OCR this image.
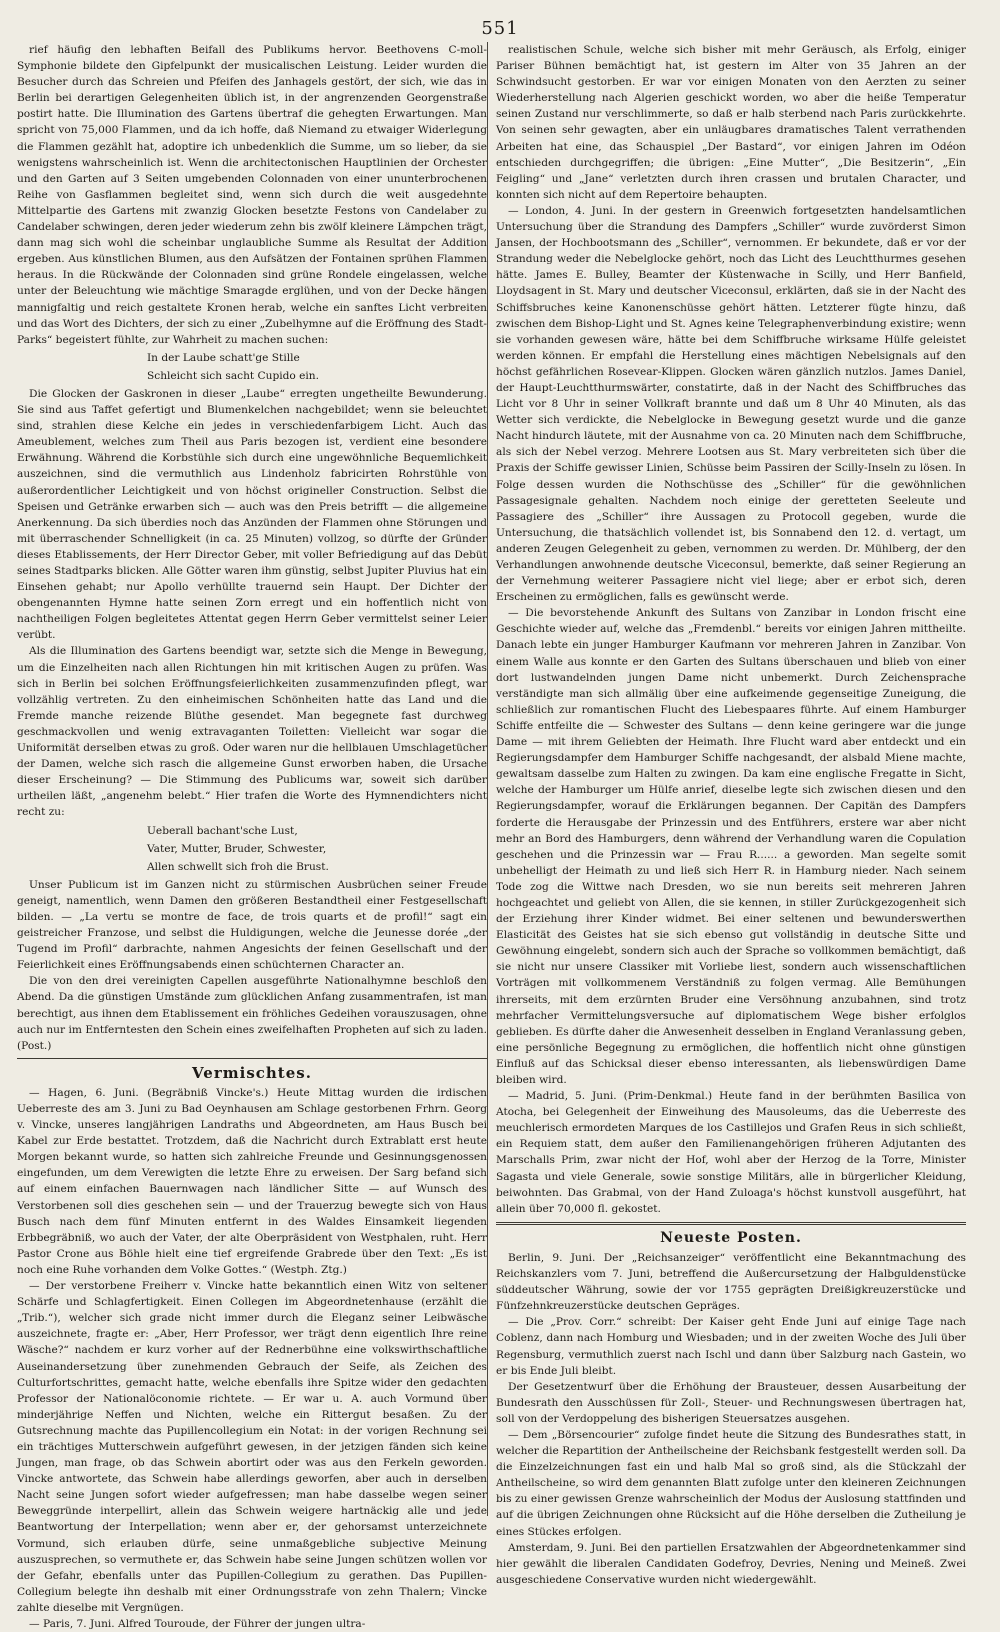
551

rief häufig den lebhaften Beifall des Publikums hervor. Beethovens C-moll-Symphonie bildete den Gipfelpunkt der musicalischen Leistung. Leider wurden die Besucher durch das Schreien und Pfeifen des Janhagels gestört, der sich, wie das in Berlin bei derartigen Gelegenheiten üblich ist, in der angrenzenden Georgenstraße postirt hatte. Die Illumination des Gartens übertraf die gehegten Erwartungen. Man spricht von 75,000 Flammen, und da ich hoffe, daß Niemand zu etwaiger Widerlegung die Flammen gezählt hat, adoptire ich unbedenklich die Summe, um so lieber, da sie wenigstens wahrscheinlich ist. Wenn die architectonischen Hauptlinien der Orchester und den Garten auf 3 Seiten umgebenden Colonnaden von einer ununterbrochenen Reihe von Gasflammen begleitet sind, wenn sich durch die weit ausgedehnte Mittelpartie des Gartens mit zwanzig Glocken besetzte Festons von Candelaber zu Candelaber schwingen, deren jeder wiederum zehn bis zwölf kleinere Lämpchen trägt, dann mag sich wohl die scheinbar unglaubliche Summe als Resultat der Addition ergeben. Aus künstlichen Blumen, aus den Aufsätzen der Fontainen sprühen Flammen heraus. In die Rückwände der Colonnaden sind grüne Rondele eingelassen, welche unter der Beleuchtung wie mächtige Smaragde erglühen, und von der Decke hängen mannigfaltig und reich gestaltete Kronen herab, welche ein sanftes Licht verbreiten und das Wort des Dichters, der sich zu einer „Zubelhymne auf die Eröffnung des Stadt-Parks“ begeistert fühlte, zur Wahrheit zu machen suchen:

In der Laube schatt'ge Stille

Schleicht sich sacht Cupido ein.

Die Glocken der Gaskronen in dieser „Laube“ erregten ungetheilte Bewunderung. Sie sind aus Taffet gefertigt und Blumenkelchen nachgebildet; wenn sie beleuchtet sind, strahlen diese Kelche ein jedes in verschiedenfarbigem Licht. Auch das Ameublement, welches zum Theil aus Paris bezogen ist, verdient eine besondere Erwähnung. Während die Korbstühle sich durch eine ungewöhnliche Bequemlichkeit auszeichnen, sind die vermuthlich aus Lindenholz fabricirten Rohrstühle von außerordentlicher Leichtigkeit und von höchst origineller Construction. Selbst die Speisen und Getränke erwarben sich — auch was den Preis betrifft — die allgemeine Anerkennung. Da sich überdies noch das Anzünden der Flammen ohne Störungen und mit überraschender Schnelligkeit (in ca. 25 Minuten) vollzog, so dürfte der Gründer dieses Etablissements, der Herr Director Geber, mit voller Befriedigung auf das Debüt seines Stadtparks blicken. Alle Götter waren ihm günstig, selbst Jupiter Pluvius hat ein Einsehen gehabt; nur Apollo verhüllte trauernd sein Haupt. Der Dichter der obengenannten Hymne hatte seinen Zorn erregt und ein hoffentlich nicht von nachtheiligen Folgen begleitetes Attentat gegen Herrn Geber vermittelst seiner Leier verübt.

Als die Illumination des Gartens beendigt war, setzte sich die Menge in Bewegung, um die Einzelheiten nach allen Richtungen hin mit kritischen Augen zu prüfen. Was sich in Berlin bei solchen Eröffnungsfeierlichkeiten zusammenzufinden pflegt, war vollzählig vertreten. Zu den einheimischen Schönheiten hatte das Land und die Fremde manche reizende Blüthe gesendet. Man begegnete fast durchweg geschmackvollen und wenig extravaganten Toiletten: Vielleicht war sogar die Uniformität derselben etwas zu groß. Oder waren nur die hellblauen Umschlagetücher der Damen, welche sich rasch die allgemeine Gunst erworben haben, die Ursache dieser Erscheinung? — Die Stimmung des Publicums war, soweit sich darüber urtheilen läßt, „angenehm belebt.“ Hier trafen die Worte des Hymnendichters nicht recht zu:

Ueberall bachant'sche Lust,

Vater, Mutter, Bruder, Schwester,

Allen schwellt sich froh die Brust.

Unser Publicum ist im Ganzen nicht zu stürmischen Ausbrüchen seiner Freude geneigt, namentlich, wenn Damen den größeren Bestandtheil einer Festgesellschaft bilden. — „La vertu se montre de face, de trois quarts et de profil!“ sagt ein geistreicher Franzose, und selbst die Huldigungen, welche die Jeunesse dorée „der Tugend im Profil“ darbrachte, nahmen Angesichts der feinen Gesellschaft und der Feierlichkeit eines Eröffnungsabends einen schüchternen Character an.

Die von den drei vereinigten Capellen ausgeführte Nationalhymne beschloß den Abend. Da die günstigen Umstände zum glücklichen Anfang zusammentrafen, ist man berechtigt, aus ihnen dem Etablissement ein fröhliches Gedeihen vorauszusagen, ohne auch nur im Entferntesten den Schein eines zweifelhaften Propheten auf sich zu laden. (Post.)

Vermischtes.

— Hagen, 6. Juni. (Begräbniß Vincke's.) Heute Mittag wurden die irdischen Ueberreste des am 3. Juni zu Bad Oeynhausen am Schlage gestorbenen Frhrn. Georg v. Vincke, unseres langjährigen Landraths und Abgeordneten, am Haus Busch bei Kabel zur Erde bestattet. Trotzdem, daß die Nachricht durch Extrablatt erst heute Morgen bekannt wurde, so hatten sich zahlreiche Freunde und Gesinnungsgenossen eingefunden, um dem Verewigten die letzte Ehre zu erweisen. Der Sarg befand sich auf einem einfachen Bauernwagen nach ländlicher Sitte — auf Wunsch des Verstorbenen soll dies geschehen sein — und der Trauerzug bewegte sich von Haus Busch nach dem fünf Minuten entfernt in des Waldes Einsamkeit liegenden Erbbegräbniß, wo auch der Vater, der alte Oberpräsident von Westphalen, ruht. Herr Pastor Crone aus Böhle hielt eine tief ergreifende Grabrede über den Text: „Es ist noch eine Ruhe vorhanden dem Volke Gottes.“ (Westph. Ztg.)

— Der verstorbene Freiherr v. Vincke hatte bekanntlich einen Witz von seltener Schärfe und Schlagfertigkeit. Einen Collegen im Abgeordnetenhause (erzählt die „Trib.“), welcher sich grade nicht immer durch die Eleganz seiner Leibwäsche auszeichnete, fragte er: „Aber, Herr Professor, wer trägt denn eigentlich Ihre reine Wäsche?“ nachdem er kurz vorher auf der Rednerbühne eine volkswirthschaftliche Auseinandersetzung über zunehmenden Gebrauch der Seife, als Zeichen des Culturfortschrittes, gemacht hatte, welche ebenfalls ihre Spitze wider den gedachten Professor der Nationalöconomie richtete. — Er war u. A. auch Vormund über minderjährige Neffen und Nichten, welche ein Rittergut besaßen. Zu der Gutsrechnung machte das Pupillencollegium ein Notat: in der vorigen Rechnung sei ein trächtiges Mutterschwein aufgeführt gewesen, in der jetzigen fänden sich keine Jungen, man frage, ob das Schwein abortirt oder was aus den Ferkeln geworden. Vincke antwortete, das Schwein habe allerdings geworfen, aber auch in derselben Nacht seine Jungen sofort wieder aufgefressen; man habe dasselbe wegen seiner Beweggründe interpellirt, allein das Schwein weigere hartnäckig alle und jede Beantwortung der Interpellation; wenn aber er, der gehorsamst unterzeichnete Vormund, sich erlauben dürfe, seine unmaßgebliche subjective Meinung auszusprechen, so vermuthete er, das Schwein habe seine Jungen schützen wollen vor der Gefahr, ebenfalls unter das Pupillen-Collegium zu gerathen. Das Pupillen-Collegium belegte ihn deshalb mit einer Ordnungsstrafe von zehn Thalern; Vincke zahlte dieselbe mit Vergnügen.

— Paris, 7. Juni. Alfred Touroude, der Führer der jungen ultra-

realistischen Schule, welche sich bisher mit mehr Geräusch, als Erfolg, einiger Pariser Bühnen bemächtigt hat, ist gestern im Alter von 35 Jahren an der Schwindsucht gestorben. Er war vor einigen Monaten von den Aerzten zu seiner Wiederherstellung nach Algerien geschickt worden, wo aber die heiße Temperatur seinen Zustand nur verschlimmerte, so daß er halb sterbend nach Paris zurückkehrte. Von seinen sehr gewagten, aber ein unläugbares dramatisches Talent verrathenden Arbeiten hat eine, das Schauspiel „Der Bastard“, vor einigen Jahren im Odéon entschieden durchgegriffen; die übrigen: „Eine Mutter“, „Die Besitzerin“, „Ein Feigling“ und „Jane“ verletzten durch ihren crassen und brutalen Character, und konnten sich nicht auf dem Repertoire behaupten.

— London, 4. Juni. In der gestern in Greenwich fortgesetzten handelsamtlichen Untersuchung über die Strandung des Dampfers „Schiller“ wurde zuvörderst Simon Jansen, der Hochbootsmann des „Schiller“, vernommen. Er bekundete, daß er vor der Strandung weder die Nebelglocke gehört, noch das Licht des Leuchtthurmes gesehen hätte. James E. Bulley, Beamter der Küstenwache in Scilly, und Herr Banfield, Lloydsagent in St. Mary und deutscher Viceconsul, erklärten, daß sie in der Nacht des Schiffsbruches keine Kanonenschüsse gehört hätten. Letzterer fügte hinzu, daß zwischen dem Bishop-Light und St. Agnes keine Telegraphenverbindung existire; wenn sie vorhanden gewesen wäre, hätte bei dem Schiffbruche wirksame Hülfe geleistet werden können. Er empfahl die Herstellung eines mächtigen Nebelsignals auf den höchst gefährlichen Rosevear-Klippen. Glocken wären gänzlich nutzlos. James Daniel, der Haupt-Leuchtthurmswärter, constatirte, daß in der Nacht des Schiffbruches das Licht vor 8 Uhr in seiner Vollkraft brannte und daß um 8 Uhr 40 Minuten, als das Wetter sich verdickte, die Nebelglocke in Bewegung gesetzt wurde und die ganze Nacht hindurch läutete, mit der Ausnahme von ca. 20 Minuten nach dem Schiffbruche, als sich der Nebel verzog. Mehrere Lootsen aus St. Mary verbreiteten sich über die Praxis der Schiffe gewisser Linien, Schüsse beim Passiren der Scilly-Inseln zu lösen. In Folge dessen wurden die Nothschüsse des „Schiller“ für die gewöhnlichen Passagesignale gehalten. Nachdem noch einige der geretteten Seeleute und Passagiere des „Schiller“ ihre Aussagen zu Protocoll gegeben, wurde die Untersuchung, die thatsächlich vollendet ist, bis Sonnabend den 12. d. vertagt, um anderen Zeugen Gelegenheit zu geben, vernommen zu werden. Dr. Mühlberg, der den Verhandlungen anwohnende deutsche Viceconsul, bemerkte, daß seiner Regierung an der Vernehmung weiterer Passagiere nicht viel liege; aber er erbot sich, deren Erscheinen zu ermöglichen, falls es gewünscht werde.

— Die bevorstehende Ankunft des Sultans von Zanzibar in London frischt eine Geschichte wieder auf, welche das „Fremdenbl.“ bereits vor einigen Jahren mittheilte. Danach lebte ein junger Hamburger Kaufmann vor mehreren Jahren in Zanzibar. Von einem Walle aus konnte er den Garten des Sultans überschauen und blieb von einer dort lustwandelnden jungen Dame nicht unbemerkt. Durch Zeichensprache verständigte man sich allmälig über eine aufkeimende gegenseitige Zuneigung, die schließlich zur romantischen Flucht des Liebespaares führte. Auf einem Hamburger Schiffe entfeilte die — Schwester des Sultans — denn keine geringere war die junge Dame — mit ihrem Geliebten der Heimath. Ihre Flucht ward aber entdeckt und ein Regierungsdampfer dem Hamburger Schiffe nachgesandt, der alsbald Miene machte, gewaltsam dasselbe zum Halten zu zwingen. Da kam eine englische Fregatte in Sicht, welche der Hamburger um Hülfe anrief, dieselbe legte sich zwischen diesen und den Regierungsdampfer, worauf die Erklärungen begannen. Der Capitän des Dampfers forderte die Herausgabe der Prinzessin und des Entführers, erstere war aber nicht mehr an Bord des Hamburgers, denn während der Verhandlung waren die Copulation geschehen und die Prinzessin war — Frau R...... a geworden. Man segelte somit unbehelligt der Heimath zu und ließ sich Herr R. in Hamburg nieder. Nach seinem Tode zog die Wittwe nach Dresden, wo sie nun bereits seit mehreren Jahren hochgeachtet und geliebt von Allen, die sie kennen, in stiller Zurückgezogenheit sich der Erziehung ihrer Kinder widmet. Bei einer seltenen und bewunderswerthen Elasticität des Geistes hat sie sich ebenso gut vollständig in deutsche Sitte und Gewöhnung eingelebt, sondern sich auch der Sprache so vollkommen bemächtigt, daß sie nicht nur unsere Classiker mit Vorliebe liest, sondern auch wissenschaftlichen Vorträgen mit vollkommenem Verständniß zu folgen vermag. Alle Bemühungen ihrerseits, mit dem erzürnten Bruder eine Versöhnung anzubahnen, sind trotz mehrfacher Vermittelungsversuche auf diplomatischem Wege bisher erfolglos geblieben. Es dürfte daher die Anwesenheit desselben in England Veranlassung geben, eine persönliche Begegnung zu ermöglichen, die hoffentlich nicht ohne günstigen Einfluß auf das Schicksal dieser ebenso interessanten, als liebenswürdigen Dame bleiben wird.

— Madrid, 5. Juni. (Prim-Denkmal.) Heute fand in der berühmten Basilica von Atocha, bei Gelegenheit der Einweihung des Mausoleums, das die Ueberreste des meuchlerisch ermordeten Marques de los Castillejos und Grafen Reus in sich schließt, ein Requiem statt, dem außer den Familienangehörigen früheren Adjutanten des Marschalls Prim, zwar nicht der Hof, wohl aber der Herzog de la Torre, Minister Sagasta und viele Generale, sowie sonstige Militärs, alle in bürgerlicher Kleidung, beiwohnten. Das Grabmal, von der Hand Zuloaga's höchst kunstvoll ausgeführt, hat allein über 70,000 fl. gekostet.

Neueste Posten.

Berlin, 9. Juni. Der „Reichsanzeiger“ veröffentlicht eine Bekanntmachung des Reichskanzlers vom 7. Juni, betreffend die Außercursetzung der Halbguldenstücke süddeutscher Währung, sowie der vor 1755 geprägten Dreißigkreuzerstücke und Fünfzehnkreuzerstücke deutschen Gepräges.

— Die „Prov. Corr.“ schreibt: Der Kaiser geht Ende Juni auf einige Tage nach Coblenz, dann nach Homburg und Wiesbaden; und in der zweiten Woche des Juli über Regensburg, vermuthlich zuerst nach Ischl und dann über Salzburg nach Gastein, wo er bis Ende Juli bleibt.

Der Gesetzentwurf über die Erhöhung der Brausteuer, dessen Ausarbeitung der Bundesrath den Ausschüssen für Zoll-, Steuer- und Rechnungswesen übertragen hat, soll von der Verdoppelung des bisherigen Steuersatzes ausgehen.

— Dem „Börsencourier“ zufolge findet heute die Sitzung des Bundesrathes statt, in welcher die Repartition der Antheilscheine der Reichsbank festgestellt werden soll. Da die Einzelzeichnungen fast ein und halb Mal so groß sind, als die Stückzahl der Antheilscheine, so wird dem genannten Blatt zufolge unter den kleineren Zeichnungen bis zu einer gewissen Grenze wahrscheinlich der Modus der Auslosung stattfinden und auf die übrigen Zeichnungen ohne Rücksicht auf die Höhe derselben die Zutheilung je eines Stückes erfolgen.

Amsterdam, 9. Juni. Bei den partiellen Ersatzwahlen der Abgeordnetenkammer sind hier gewählt die liberalen Candidaten Godefroy, Devries, Nening und Meineß. Zwei ausgeschiedene Conservative wurden nicht wiedergewählt.
